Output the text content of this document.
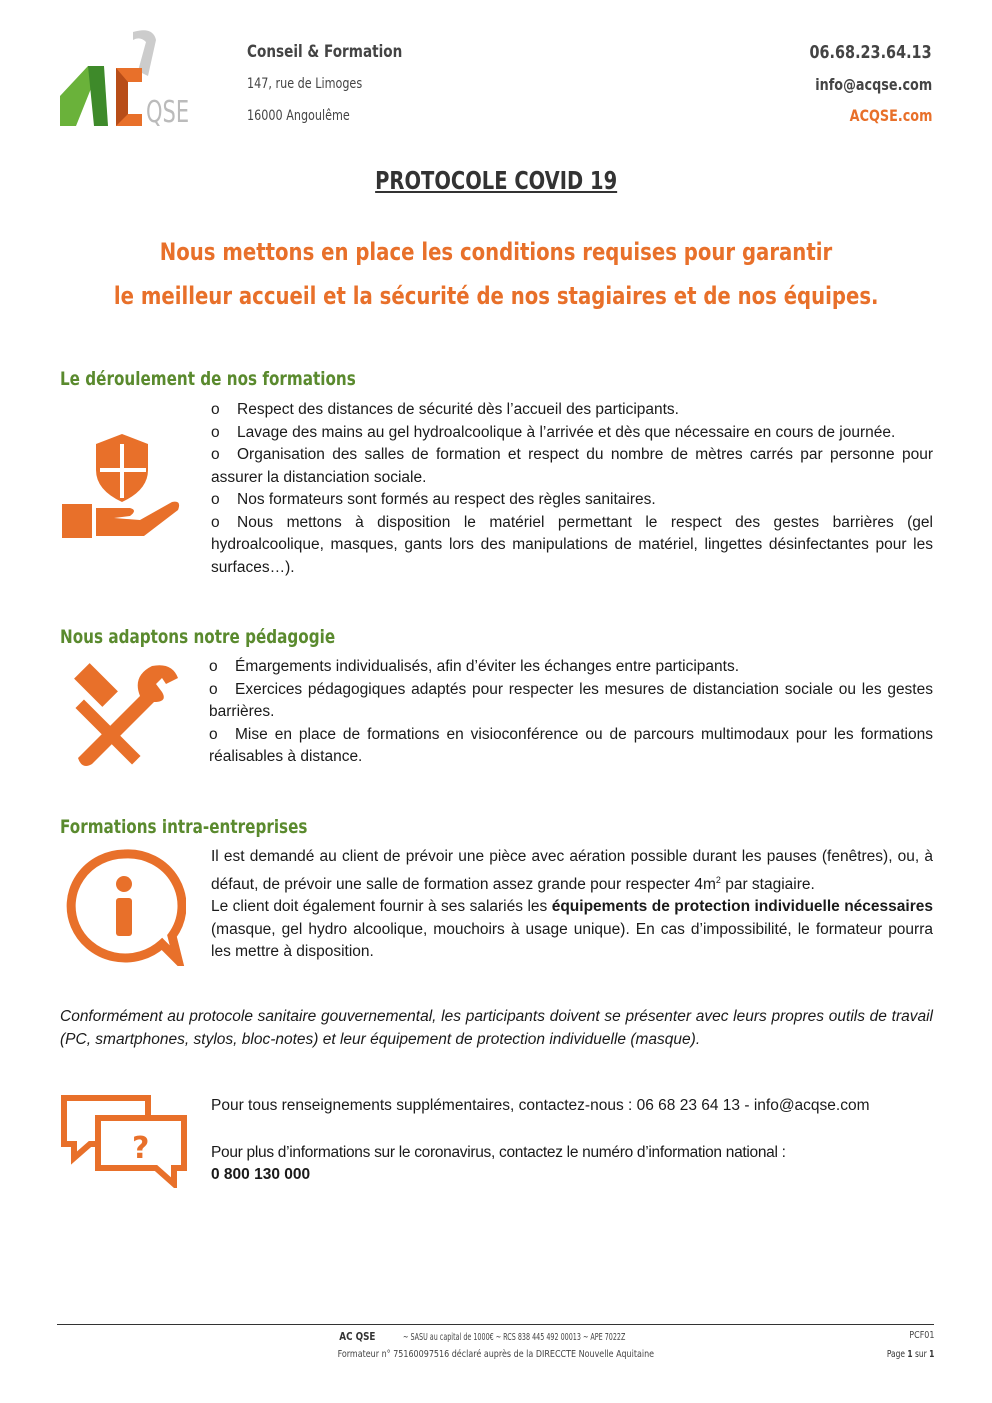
QSE
Conseil & Formation
147, rue de Limoges
16000 Angoulême
06.68.23.64.13
info@acqse.com
ACQSE.com
PROTOCOLE COVID 19
Nous mettons en place les conditions requises pour garantir
le meilleur accueil et la sécurité de nos stagiaires et de nos équipes.
Le déroulement de nos formations

o Respect des distances de sécurité dès l’accueil des participants.

o Lavage des mains au gel hydroalcoolique à l’arrivée et dès que nécessaire en cours de journée.

o Organisation des salles de formation et respect du nombre de mètres carrés par personne pour assurer la distanciation sociale.

o Nos formateurs sont formés au respect des règles sanitaires.

o Nous mettons à disposition le matériel permettant le respect des gestes barrières (gel hydroalcoolique, masques, gants lors des manipulations de matériel, lingettes désinfectantes pour les surfaces…).

Nous adaptons notre pédagogie

o Émargements individualisés, afin d’éviter les échanges entre participants.

o Exercices pédagogiques adaptés pour respecter les mesures de distanciation sociale ou les gestes barrières.

o Mise en place de formations en visioconférence ou de parcours multimodaux pour les formations réalisables à distance.

Formations intra-entreprises

Il est demandé au client de prévoir une pièce avec aération possible durant les pauses (fenêtres), ou, à défaut, de prévoir une salle de formation assez grande pour respecter $4m^2$ par stagiaire.

Le client doit également fournir à ses salariés les équipements de protection individuelle nécessaires (masque, gel hydro alcoolique, mouchoirs à usage unique). En cas d’impossibilité, le formateur pourra les mettre à disposition.

Conformément au protocole sanitaire gouvernemental, les participants doivent se présenter avec leurs propres outils de travail (PC, smartphones, stylos, bloc-notes) et leur équipement de protection individuelle (masque).
?
Pour tous renseignements supplémentaires, contactez-nous : 06 68 23 64 13 - info@acqse.com
Pour plus d’informations sur le coronavirus, contactez le numéro d’information national :
0 800 130 000
AC QSE	~ SASU au capital de 1000€ ~ RCS 838 445 492 00013 ~ APE 7022Z
Formateur n° 75160097516 déclaré auprès de la DIRECCTE Nouvelle Aquitaine
PCF01
Page 1 sur 1
